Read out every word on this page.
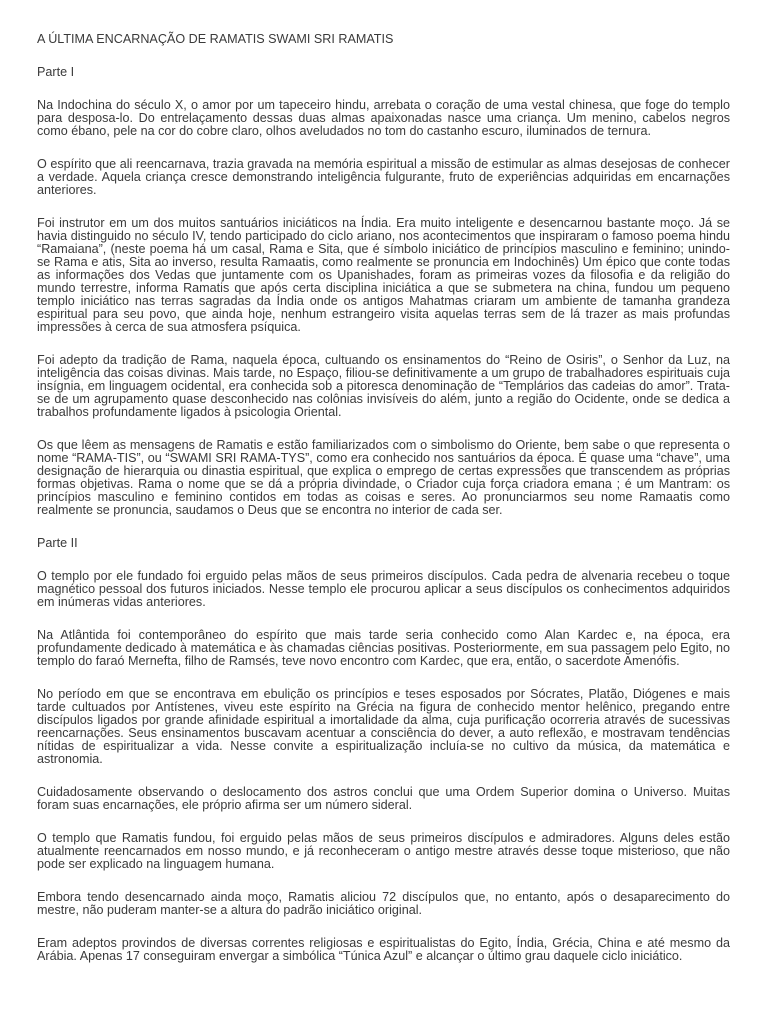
A ÚLTIMA ENCARNAÇÃO DE RAMATIS SWAMI SRI RAMATIS

Parte I

Na Indochina do século X, o amor por um tapeceiro hindu, arrebata o coração de uma vestal chinesa, que foge do templo para desposa-lo. Do entrelaçamento dessas duas almas apaixonadas nasce uma criança. Um menino, cabelos negros como ébano, pele na cor do cobre claro, olhos aveludados no tom do castanho escuro, iluminados de ternura.

O espírito que ali reencarnava, trazia gravada na memória espiritual a missão de estimular as almas desejosas de conhecer a verdade. Aquela criança cresce demonstrando inteligência fulgurante, fruto de experiências adquiridas em encarnações anteriores.

Foi instrutor em um dos muitos santuários iniciáticos na Índia. Era muito inteligente e desencarnou bastante moço. Já se havia distinguido no século IV, tendo participado do ciclo ariano, nos acontecimentos que inspiraram o famoso poema hindu “Ramaiana”, (neste poema há um casal, Rama e Sita, que é símbolo iniciático de princípios masculino e feminino; unindo-se Rama e atis, Sita ao inverso, resulta Ramaatis, como realmente se pronuncia em Indochinês) Um épico que conte todas as informações dos Vedas que juntamente com os Upanishades, foram as primeiras vozes da filosofia e da religião do mundo terrestre, informa Ramatis que após certa disciplina iniciática a que se submetera na china, fundou um pequeno templo iniciático nas terras sagradas da Índia onde os antigos Mahatmas criaram um ambiente de tamanha grandeza espiritual para seu povo, que ainda hoje, nenhum estrangeiro visita aquelas terras sem de lá trazer as mais profundas impressões à cerca de sua atmosfera psíquica.

Foi adepto da tradição de Rama, naquela época, cultuando os ensinamentos do “Reino de Osiris”, o Senhor da Luz, na inteligência das coisas divinas. Mais tarde, no Espaço, filiou-se definitivamente a um grupo de trabalhadores espirituais cuja insígnia, em linguagem ocidental, era conhecida sob a pitoresca denominação de “Templários das cadeias do amor”. Trata-se de um agrupamento quase desconhecido nas colônias invisíveis do além, junto a região do Ocidente, onde se dedica a trabalhos profundamente ligados à psicologia Oriental.

Os que lêem as mensagens de Ramatis e estão familiarizados com o simbolismo do Oriente, bem sabe o que representa o nome “RAMA-TIS”, ou “SWAMI SRI RAMA-TYS”, como era conhecido nos santuários da época. É quase uma “chave”, uma designação de hierarquia ou dinastia espiritual, que explica o emprego de certas expressões que transcendem as próprias formas objetivas. Rama o nome que se dá a própria divindade, o Criador cuja força criadora emana ; é um Mantram: os princípios masculino e feminino contidos em todas as coisas e seres. Ao pronunciarmos seu nome Ramaatis como realmente se pronuncia, saudamos o Deus que se encontra no interior de cada ser.

Parte II

O templo por ele fundado foi erguido pelas mãos de seus primeiros discípulos. Cada pedra de alvenaria recebeu o toque magnético pessoal dos futuros iniciados. Nesse templo ele procurou aplicar a seus discípulos os conhecimentos adquiridos em inúmeras vidas anteriores.

Na Atlântida foi contemporâneo do espírito que mais tarde seria conhecido como Alan Kardec e, na época, era profundamente dedicado à matemática e às chamadas ciências positivas. Posteriormente, em sua passagem pelo Egito, no templo do faraó Mernefta, filho de Ramsés, teve novo encontro com Kardec, que era, então, o sacerdote Amenófis.

No período em que se encontrava em ebulição os princípios e teses esposados por Sócrates, Platão, Diógenes e mais tarde cultuados por Antístenes, viveu este espírito na Grécia na figura de conhecido mentor helênico, pregando entre discípulos ligados por grande afinidade espiritual a imortalidade da alma, cuja purificação ocorreria através de sucessivas reencarnações. Seus ensinamentos buscavam acentuar a consciência do dever, a auto reflexão, e mostravam tendências nítidas de espiritualizar a vida. Nesse convite a espiritualização incluía-se no cultivo da música, da matemática e astronomia.

Cuidadosamente observando o deslocamento dos astros conclui que uma Ordem Superior domina o Universo. Muitas foram suas encarnações, ele próprio afirma ser um número sideral.

O templo que Ramatis fundou, foi erguido pelas mãos de seus primeiros discípulos e admiradores. Alguns deles estão atualmente reencarnados em nosso mundo, e já reconheceram o antigo mestre através desse toque misterioso, que não pode ser explicado na linguagem humana.

Embora tendo desencarnado ainda moço, Ramatis aliciou 72 discípulos que, no entanto, após o desaparecimento do mestre, não puderam manter-se a altura do padrão iniciático original.

Eram adeptos provindos de diversas correntes religiosas e espiritualistas do Egito, Índia, Grécia, China e até mesmo da Arábia. Apenas 17 conseguiram envergar a simbólica “Túnica Azul” e alcançar o último grau daquele ciclo iniciático.
